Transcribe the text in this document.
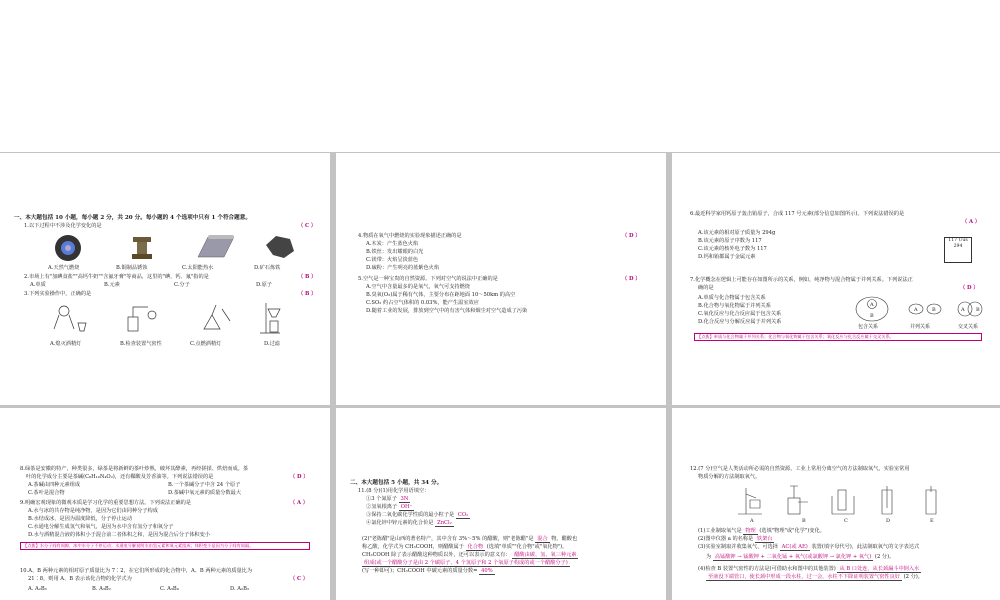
一、本大题包括 10 小题，每小题 2 分，共 20 分。每小题的 4 个选项中只有 1 个符合题意。
1.以下过程中不涉及化学变化的是	（ C ）
A.天然气燃烧	B.铜制品锈蚀	C.太阳能热水	D.矿石炼铁
2.市场上有"加碘食盐""高钙牛奶""含氟牙膏"等商品，这里的"碘、钙、氟"指的是	（ B ）
A.单质	B.元素	C.分子	D.原子
3.下列实验操作中，正确的是	（ B ）
A.熄灭酒精灯	B.检查装置气密性	C.点燃酒精灯	D.过滤
4.物质在氧气中燃烧的实验现象描述正确的是	（ D ）
A.木炭：产生蓝色火焰
B.铁丝：发出耀眼的白光
C.镁带：火焰呈淡蓝色
D.硫粉：产生明亮的蓝紫色火焰
5.空气是一种宝贵的自然资源。下列对空气的说法中正确的是	（ D ）
A.空气中含量最多的是氧气，氧气可支持燃烧
B.臭氧(O₃)属于稀有气体，主要分布在距地面 10～50km 的高空
C.SO₂ 约占空气体积的 0.03%，能产生温室效应
D.随着工业的发展，排放到空气中的有害气体和烟尘对空气造成了污染
6.最近科学家用钙原子轰击铕原子，合成 117 号元素(部分信息如图所示)。下列说法错误的是
（ A ）
A.该元素的相对原子质量为 294g
B.该元素的原子序数为 117
C.该元素的核外电子数为 117
D.钙和铕都属于金属元素
117 Uus
294
7.化学概念在逻辑上可能存在如图所示的关系，例如，纯净物与混合物属于并列关系。下列说法正
确的是	（ D ）
A.单质与化合物属于包含关系
B.化合物与氧化物属于并列关系
C.氧化反应与化合反应属于包含关系
D.化合反应与分解反应属于并列关系
A
B
A	B	A B
包含关系	并列关系	交叉关系
【点拨】单质与化合物属于并列关系；化合物与氧化物属于包含关系；氧化反应与化合反应属于交叉关系。
8.绿茶是安徽的特产，种类很多，绿茶是将新鲜的茶叶炒熟，破坏其酵素，再经搓揉、烘焙而成。茶
叶的化学成分主要是茶碱(C₈H₁₀N₄O₂)，还有鞣酸及芳香油等。下列说法错误的是	（ D ）
A.茶碱由四种元素组成	B.一个茶碱分子中含 24 个原子
C.茶叶是混合物	D.茶碱中氧元素的质量分数最大
9.明确宏观现象的微观本质是学习化学的重要思想方法。下列说法正确的是	（ A ）
A.水与冰的共存物是纯净物，是因为它们由同种分子构成
B.水结成冰，是因为温度降低，分子停止运动
C.水通电分解生成氢气和氧气，是因为水中含有氢分子和氧分子
D.水与酒精混合液的体积小于混合前二者体积之和，是因为混合后分子体积变小
【点拨】水分子间有间隙，冰中水分子不停运动；水通电分解说明水由氢元素和氧元素组成；体积变小是因为分子间有间隔。
10.A、B 两种元素的相对原子质量比为 7∶2，在它们所形成的化合物中，A、B 两种元素的质量比为
21∶8，则用 A、B 表示该化合物的化学式为	（ C ）
A. A₂B₃	B. A₃B₂	C. A₃B₄	D. A₂B₃
二、本大题包括 5 小题，共 34 分。
11.(8 分)(1)用化学用语填空：
①3 个氮原子 3N
②氢氧根离子 OH⁻
③保持二氧化碳化学性质的最小粒子是 CO₂
④氯化锌中锌元素的化合价是 ZnCl₂
(2)"老陈醋"是山西的著名特产，其中含有 3%～5% 的醋酸，则"老陈醋"是 混合 物。醋酸也
称乙酸，化学式为 CH₃COOH，则醋酸属于 化合物 (选填"单质""化合物"或"氧化物")。
CH₃COOH 除了表示醋酸这种物质以外，还可以表示的意义有： 醋酸由碳、氢、氧三种元素
组成(或一个醋酸分子是由 2 个碳原子、4 个氢原子和 2 个氧原子构成的或一个醋酸分子)
(写一种即可)；CH₃COOH 中碳元素的质量分数= 40%
12.(7 分)空气是人类活动所必需的自然资源。工业上常用分离空气的方法制取氧气，实验室常用
物质分解的方法制取氧气。
A	B	C	D	E
(1)工业制取氧气是 物理 (选填"物理"或"化学")变化。
(2)图中仪器 a 的名称是 铁架台
(3)实验室制取并收集氧气，可选择 AC(或 AE) 装置(填字母代号)，此法制取氧气的文字表达式
为 高锰酸钾 → 锰酸钾 + 二氧化锰 + 氧气(或氯酸钾 → 氯化钾 + 氧气) (2 分)。
(4)检查 B 装置气密性的方法是(可借助水和图中的其他装置) 从 B 口处连，从长颈漏斗中倒入水
至液没下端管口，使长颈中形成一段水柱，过一会，水柱不下降证明装置气密性良好 (2 分)。
